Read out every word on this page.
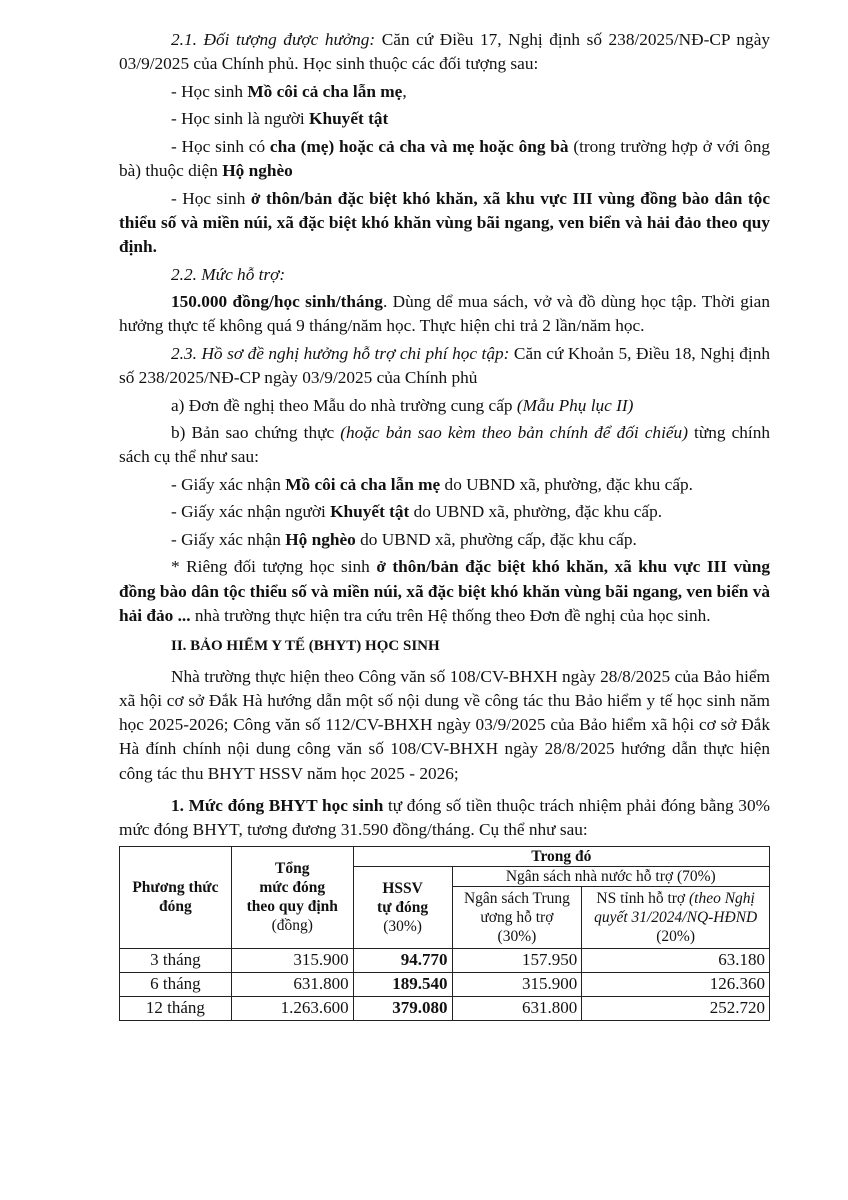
2.1. Đối tượng được hưởng: Căn cứ Điều 17, Nghị định số 238/2025/NĐ-CP ngày 03/9/2025 của Chính phủ. Học sinh thuộc các đối tượng sau:

- Học sinh Mồ côi cả cha lẫn mẹ,

- Học sinh là người Khuyết tật

- Học sinh có cha (mẹ) hoặc cả cha và mẹ hoặc ông bà (trong trường hợp ở với ông bà) thuộc diện Hộ nghèo

- Học sinh ở thôn/bản đặc biệt khó khăn, xã khu vực III vùng đồng bào dân tộc thiểu số và miền núi, xã đặc biệt khó khăn vùng bãi ngang, ven biển và hải đảo theo quy định.

2.2. Mức hỗ trợ:

150.000 đồng/học sinh/tháng. Dùng dể mua sách, vở và đồ dùng học tập. Thời gian hưởng thực tế không quá 9 tháng/năm học. Thực hiện chi trả 2 lần/năm học.

2.3. Hồ sơ đề nghị hưởng hỗ trợ chi phí học tập: Căn cứ Khoản 5, Điều 18, Nghị định số 238/2025/NĐ-CP ngày 03/9/2025 của Chính phủ

a) Đơn đề nghị theo Mẫu do nhà trường cung cấp (Mẫu Phụ lục II)

b) Bản sao chứng thực (hoặc bản sao kèm theo bản chính để đối chiếu) từng chính sách cụ thể như sau:

- Giấy xác nhận Mồ côi cả cha lẫn mẹ do UBND xã, phường, đặc khu cấp.

- Giấy xác nhận người Khuyết tật do UBND xã, phường, đặc khu cấp.

- Giấy xác nhận Hộ nghèo do UBND xã, phường cấp, đặc khu cấp.

* Riêng đối tượng học sinh ở thôn/bản đặc biệt khó khăn, xã khu vực III vùng đồng bào dân tộc thiểu số và miền núi, xã đặc biệt khó khăn vùng bãi ngang, ven biển và hải đảo ... nhà trường thực hiện tra cứu trên Hệ thống theo Đơn đề nghị của học sinh.

II. BẢO HIỂM Y TẾ (BHYT) HỌC SINH

Nhà trường thực hiện theo Công văn số 108/CV-BHXH ngày 28/8/2025 của Bảo hiểm xã hội cơ sở Đắk Hà hướng dẫn một số nội dung về công tác thu Bảo hiểm y tế học sinh năm học 2025-2026; Công văn số 112/CV-BHXH ngày 03/9/2025 của Bảo hiểm xã hội cơ sở Đắk Hà đính chính nội dung công văn số 108/CV-BHXH ngày 28/8/2025 hướng dẫn thực hiện công tác thu BHYT HSSV năm học 2025 - 2026;

1. Mức đóng BHYT học sinh tự đóng số tiền thuộc trách nhiệm phải đóng bằng 30% mức đóng BHYT, tương đương 31.590 đồng/tháng. Cụ thể như sau:

Phương thức đóng	Tổng
mức đóng
theo quy định
(đồng)	Trong đó		
		HSSV
tự đóng
(30%)	Ngân sách nhà nước hỗ trợ (70%)	
			Ngân sách Trung ương hỗ trợ (30%)	NS tỉnh hỗ trợ (theo Nghị quyết 31/2024/NQ-HĐND (20%)
3 tháng	315.900	94.770	157.950	63.180
6 tháng	631.800	189.540	315.900	126.360
12 tháng	1.263.600	379.080	631.800	252.720
